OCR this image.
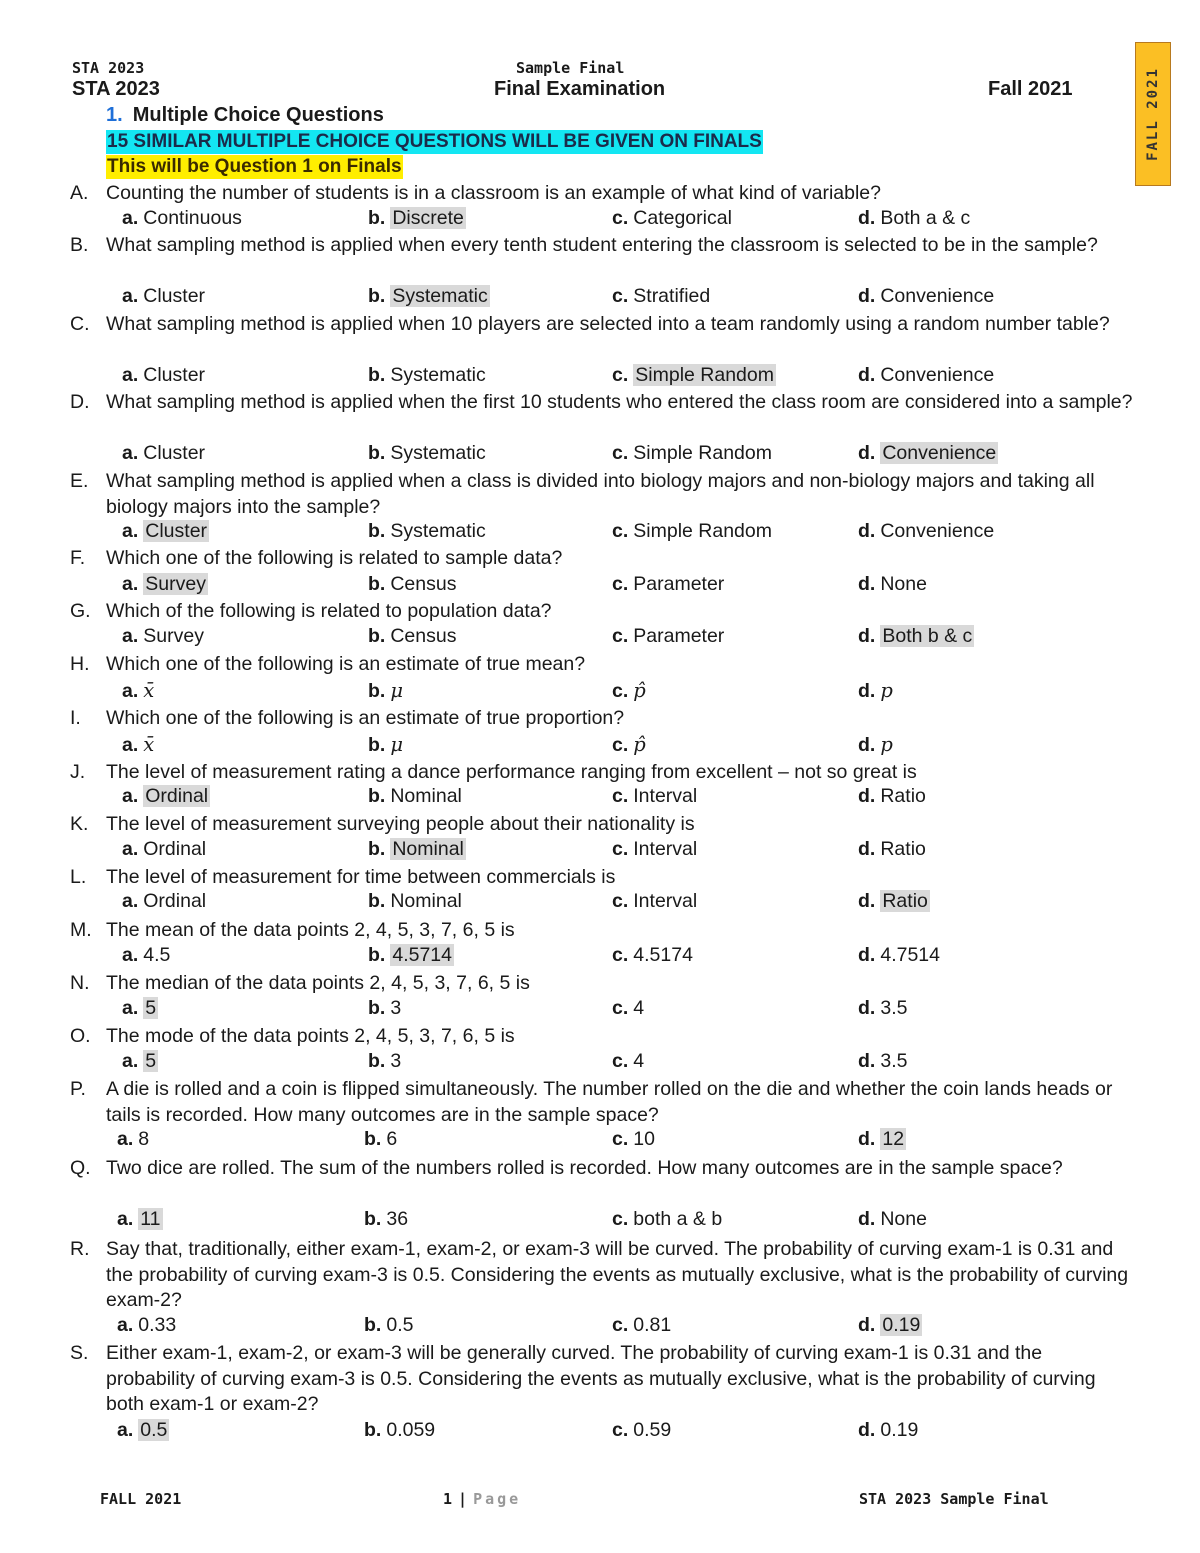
STA 2023	Sample Final
STA 2023	Final Examination	Fall 2021	FALL 2021
1. Multiple Choice Questions
15 SIMILAR MULTIPLE CHOICE QUESTIONS WILL BE GIVEN ON FINALS
This will be Question 1 on Finals
A. Counting the number of students is in a classroom is an example of what kind of variable?

a. Continuous	b. Discrete	c. Categorical	d. Both a & c
B. What sampling method is applied when every tenth student entering the classroom is selected to be in the sample?

a. Cluster	b. Systematic	c. Stratified	d. Convenience
C. What sampling method is applied when 10 players are selected into a team randomly using a random number table?

a. Cluster	b. Systematic	c. Simple Random	d. Convenience
D. What sampling method is applied when the first 10 students who entered the class room are considered into a sample?

a. Cluster	b. Systematic	c. Simple Random	d. Convenience
E. What sampling method is applied when a class is divided into biology majors and non-biology majors and taking all biology majors into the sample?

a. Cluster	b. Systematic	c. Simple Random	d. Convenience
F. Which one of the following is related to sample data?

a. Survey	b. Census	c. Parameter	d. None
G. Which of the following is related to population data?

a. Survey	b. Census	c. Parameter	d. Both b & c
H. Which one of the following is an estimate of true mean?

a. x̄	b. μ	c. p̂	d. p
I. Which one of the following is an estimate of true proportion?

a. x̄	b. μ	c. p̂	d. p
J. The level of measurement rating a dance performance ranging from excellent – not so great is

a. Ordinal	b. Nominal	c. Interval	d. Ratio
K. The level of measurement surveying people about their nationality is

a. Ordinal	b. Nominal	c. Interval	d. Ratio
L. The level of measurement for time between commercials is

a. Ordinal	b. Nominal	c. Interval	d. Ratio
M. The mean of the data points 2, 4, 5, 3, 7, 6, 5 is

a. 4.5	b. 4.5714	c. 4.5174	d. 4.7514
N. The median of the data points 2, 4, 5, 3, 7, 6, 5 is

a. 5	b. 3	c. 4	d. 3.5
O. The mode of the data points 2, 4, 5, 3, 7, 6, 5 is

a. 5	b. 3	c. 4	d. 3.5
P. A die is rolled and a coin is flipped simultaneously. The number rolled on the die and whether the coin lands heads or tails is recorded. How many outcomes are in the sample space?

a. 8	b. 6	c. 10	d. 12
Q. Two dice are rolled. The sum of the numbers rolled is recorded. How many outcomes are in the sample space?

a. 11	b. 36	c. both a & b	d. None
R. Say that, traditionally, either exam-1, exam-2, or exam-3 will be curved. The probability of curving exam-1 is 0.31 and the probability of curving exam-3 is 0.5. Considering the events as mutually exclusive, what is the probability of curving exam-2?

a. 0.33	b. 0.5	c. 0.81	d. 0.19
S. Either exam-1, exam-2, or exam-3 will be generally curved. The probability of curving exam-1 is 0.31 and the probability of curving exam-3 is 0.5. Considering the events as mutually exclusive, what is the probability of curving both exam-1 or exam-2?

a. 0.5	b. 0.059	c. 0.59	d. 0.19
FALL 2021	1 | Page	STA 2023 Sample Final
